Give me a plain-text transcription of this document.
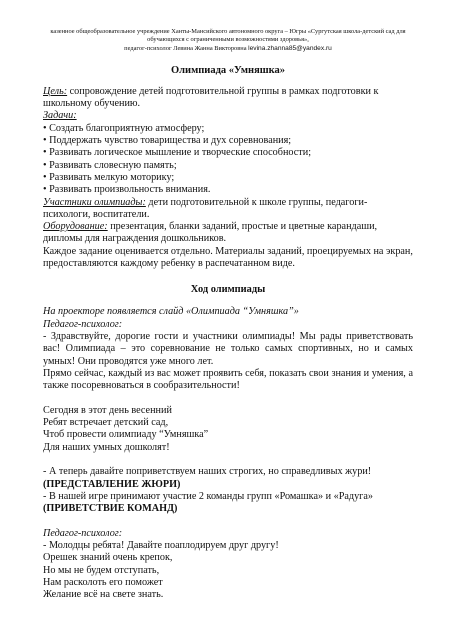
казенное общеобразовательное учреждение Ханты-Мансийского автономного округа – Югры «Сургутская школа-детский сад для
обучающихся с ограниченными возможностями здоровья»,
педагог-психолог Левина Жанна Викторовна levina.zhanna85@yandex.ru
Олимпиада «Умняшка»

Цель: сопровождение детей подготовительной группы в рамках подготовки к школьному обучению.

Задачи:

• Создать благоприятную атмосферу;

• Поддержать чувство товарищества и дух соревнования;

• Развивать логическое мышление и творческие способности;

• Развивать словесную память;

• Развивать мелкую моторику;

• Развивать произвольность внимания.

Участники олимпиады: дети подготовительной к школе группы, педагоги-психологи, воспитатели.

Оборудование: презентация, бланки заданий, простые и цветные карандаши, дипломы для награждения дошкольников.

Каждое задание оценивается отдельно. Материалы заданий, проецируемых на экран, предоставляются каждому ребенку в распечатанном виде.

Ход олимпиады

На проекторе появляется слайд «Олимпиада “Умняшка”»

Педагог-психолог:

- Здравствуйте, дорогие гости и участники олимпиады! Мы рады приветствовать вас! Олимпиада – это соревнование не только самых спортивных, но и самых умных! Они проводятся уже много лет.

Прямо сейчас, каждый из вас может проявить себя, показать свои знания и умения, а также посоревноваться в сообразительности!

Сегодня в этот день весенний

Ребят встречает детский сад,

Чтоб провести олимпиаду “Умняшка”

Для наших умных дошколят!

- А теперь давайте поприветствуем наших строгих, но справедливых жури!

(ПРЕДСТАВЛЕНИЕ ЖЮРИ)

- В нашей игре принимают участие 2 команды групп «Ромашка» и «Радуга»

(ПРИВЕТСТВИЕ КОМАНД)

Педагог-психолог:

- Молодцы ребята! Давайте поаплодируем друг другу!

Орешек знаний очень крепок,

Но мы не будем отступать,

Нам расколоть его поможет

Желание всё на свете знать.
